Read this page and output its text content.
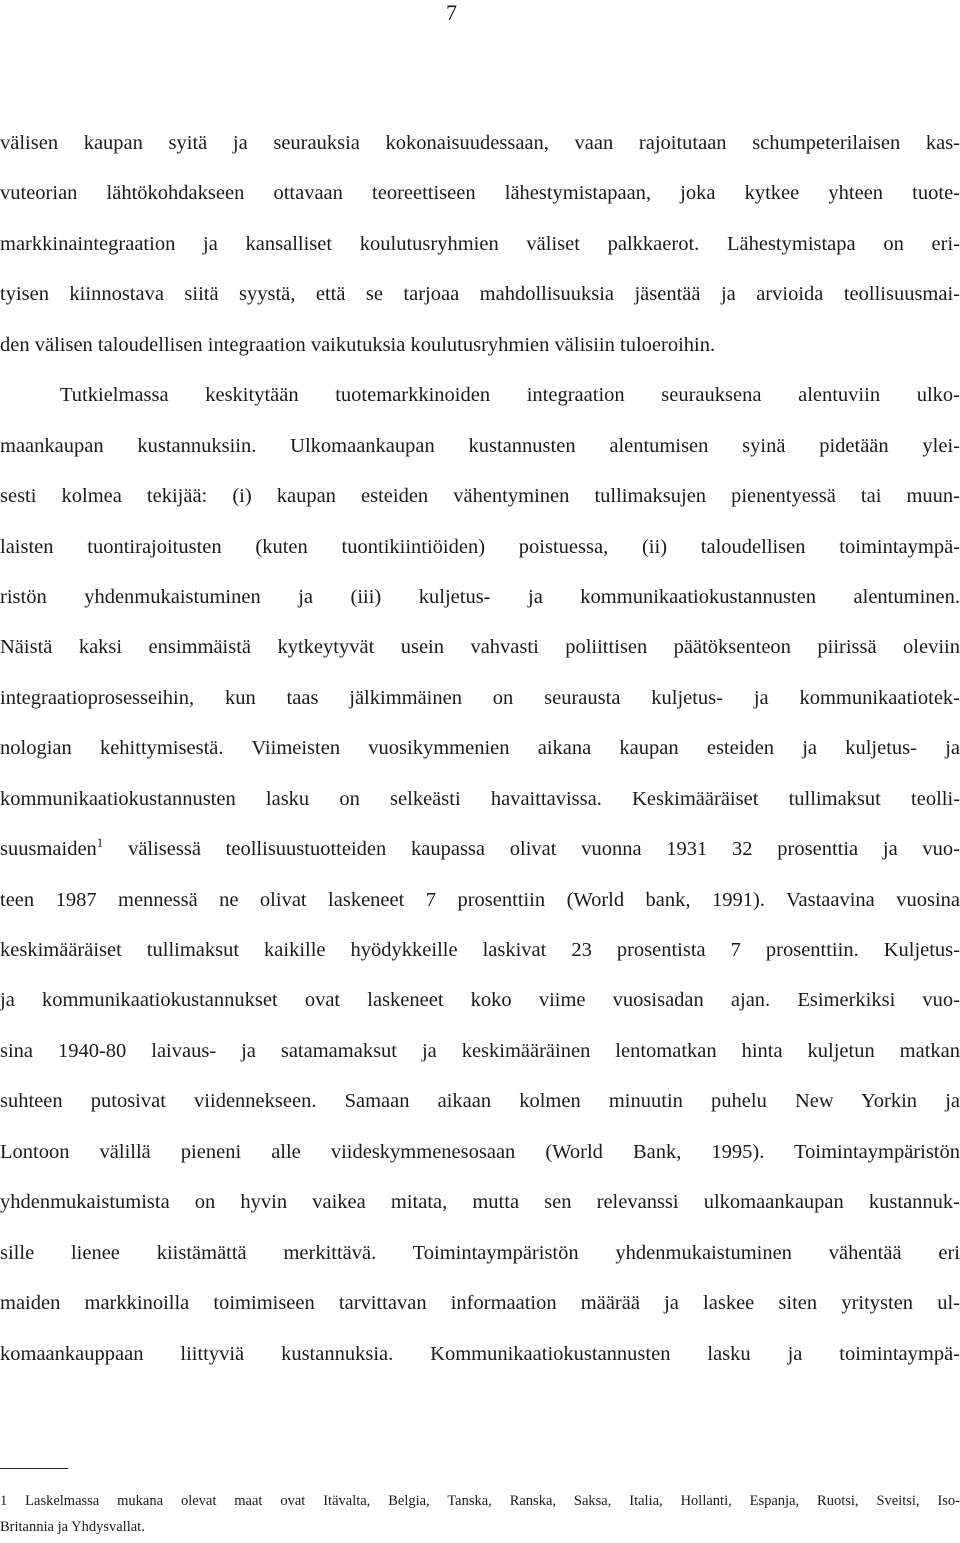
7
välisen kaupan syitä ja seurauksia kokonaisuudessaan, vaan rajoitutaan schumpeterilaisen kas-
vuteorian lähtökohdakseen ottavaan teoreettiseen lähestymistapaan, joka kytkee yhteen tuote-
markkinaintegraation ja kansalliset koulutusryhmien väliset palkkaerot. Lähestymistapa on eri-
tyisen kiinnostava siitä syystä, että se tarjoaa mahdollisuuksia jäsentää ja arvioida teollisuusmai-
den välisen taloudellisen integraation vaikutuksia koulutusryhmien välisiin tuloeroihin.
Tutkielmassa keskitytään tuotemarkkinoiden integraation seurauksena alentuviin ulko-
maankaupan kustannuksiin. Ulkomaankaupan kustannusten alentumisen syinä pidetään ylei-
sesti kolmea tekijää: (i) kaupan esteiden vähentyminen tullimaksujen pienentyessä tai muun-
laisten tuontirajoitusten (kuten tuontikiintiöiden) poistuessa, (ii) taloudellisen toimintaympä-
ristön yhdenmukaistuminen ja (iii) kuljetus- ja kommunikaatiokustannusten alentuminen.
Näistä kaksi ensimmäistä kytkeytyvät usein vahvasti poliittisen päätöksenteon piirissä oleviin
integraatioprosesseihin, kun taas jälkimmäinen on seurausta kuljetus- ja kommunikaatiotek-
nologian kehittymisestä. Viimeisten vuosikymmenien aikana kaupan esteiden ja kuljetus- ja
kommunikaatiokustannusten lasku on selkeästi havaittavissa. Keskimääräiset tullimaksut teolli-
suusmaiden$^1$ välisessä teollisuustuotteiden kaupassa olivat vuonna 1931 32 prosenttia ja vuo-
teen 1987 mennessä ne olivat laskeneet 7 prosenttiin (World bank, 1991). Vastaavina vuosina
keskimääräiset tullimaksut kaikille hyödykkeille laskivat 23 prosentista 7 prosenttiin. Kuljetus-
ja kommunikaatiokustannukset ovat laskeneet koko viime vuosisadan ajan. Esimerkiksi vuo-
sina 1940-80 laivaus- ja satamamaksut ja keskimääräinen lentomatkan hinta kuljetun matkan
suhteen putosivat viidennekseen. Samaan aikaan kolmen minuutin puhelu New Yorkin ja
Lontoon välillä pieneni alle viideskymmenesosaan (World Bank, 1995). Toimintaympäristön
yhdenmukaistumista on hyvin vaikea mitata, mutta sen relevanssi ulkomaankaupan kustannuk-
sille lienee kiistämättä merkittävä. Toimintaympäristön yhdenmukaistuminen vähentää eri
maiden markkinoilla toimimiseen tarvittavan informaation määrää ja laskee siten yritysten ul-
komaankauppaan liittyviä kustannuksia. Kommunikaatiokustannusten lasku ja toimintaympä-
1 Laskelmassa mukana olevat maat ovat Itävalta, Belgia, Tanska, Ranska, Saksa, Italia, Hollanti, Espanja, Ruotsi, Sveitsi, Iso-
Britannia ja Yhdysvallat.
